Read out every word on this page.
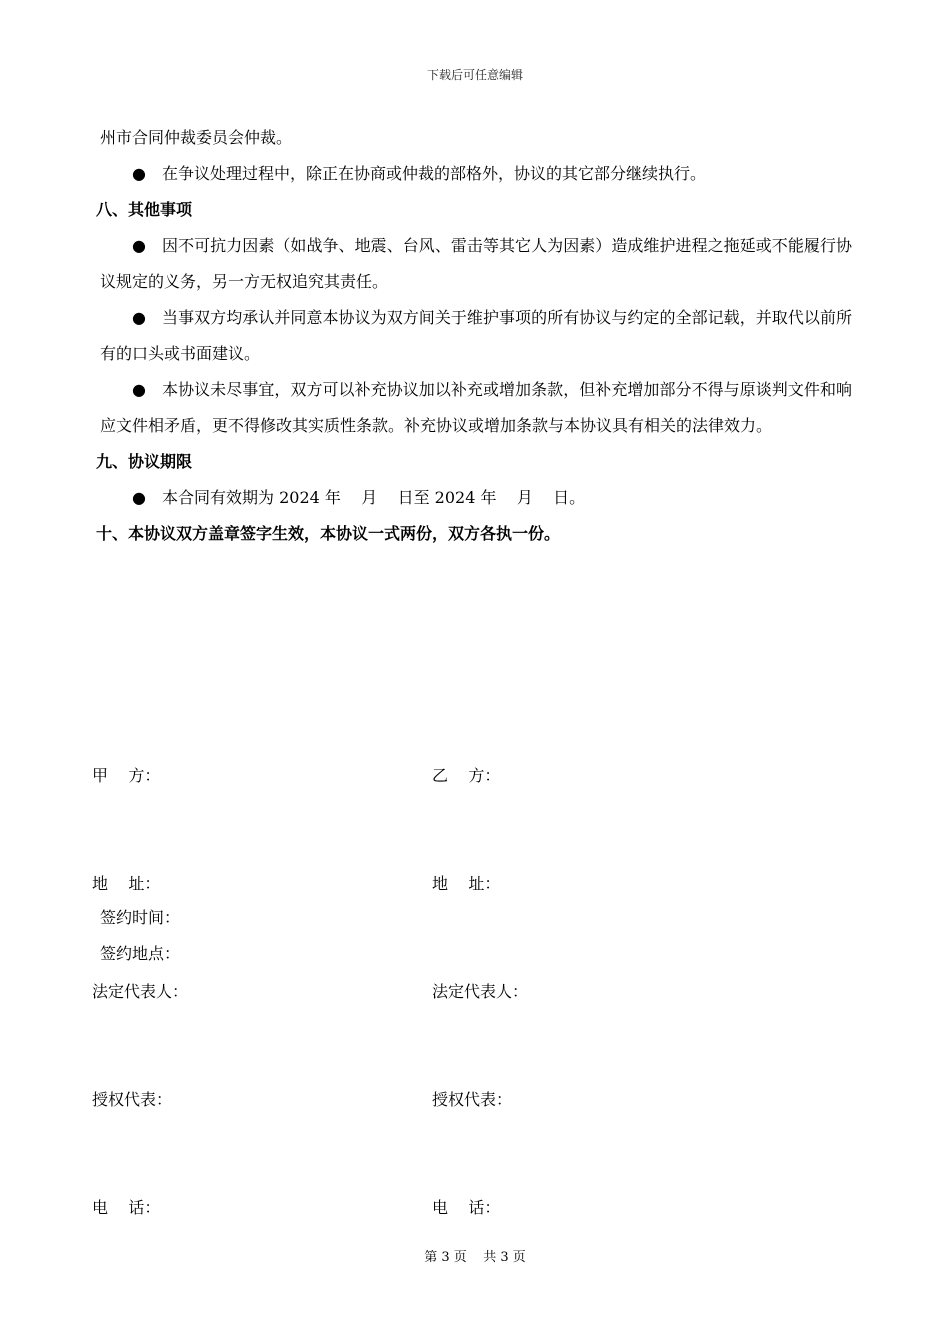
下载后可任意编辑

州市合同仲裁委员会仲裁。

● 在争议处理过程中，除正在协商或仲裁的部格外，协议的其它部分继续执行。

八、其他事项

● 因不可抗力因素（如战争、地震、台风、雷击等其它人为因素）造成维护进程之拖延或不能履行协议规定的义务，另一方无权追究其责任。

● 当事双方均承认并同意本协议为双方间关于维护事项的所有协议与约定的全部记载，并取代以前所有的口头或书面建议。

● 本协议未尽事宜，双方可以补充协议加以补充或增加条款，但补充增加部分不得与原谈判文件和响应文件相矛盾，更不得修改其实质性条款。补充协议或增加条款与本协议具有相关的法律效力。

九、协议期限

● 本合同有效期为 2024 年    月    日至 2024 年    月    日。

十、本协议双方盖章签字生效，本协议一式两份，双方各执一份。

甲    方：	乙    方：

地    址：	地    址：

法定代表人：	法定代表人：

授权代表：	授权代表：

电    话：	电    话：

签约时间：
签约地点：
第 3 页    共 3 页
